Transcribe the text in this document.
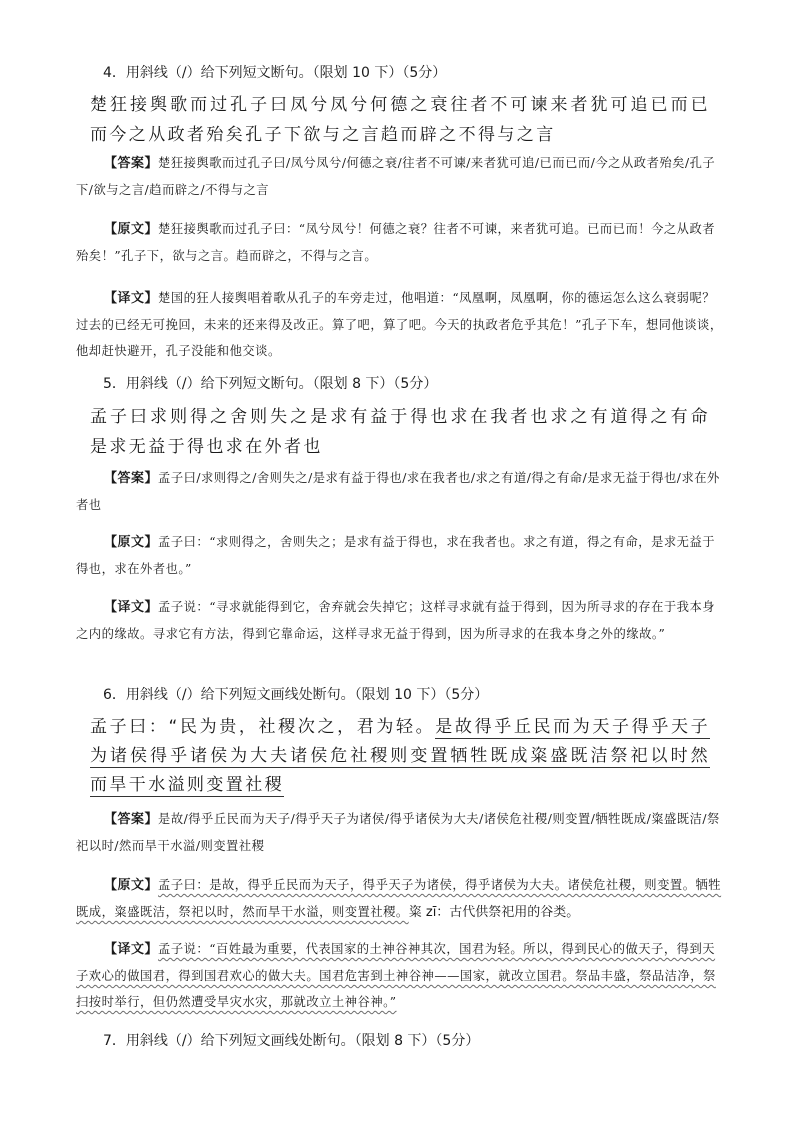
4．用斜线（/）给下列短文断句。（限划 10 下）（5分）
楚狂接舆歌而过孔子曰凤兮凤兮何德之衰往者不可谏来者犹可追已而已而今之从政者殆矣孔子下欲与之言趋而辟之不得与之言
【答案】楚狂接舆歌而过孔子曰/凤兮凤兮/何德之衰/往者不可谏/来者犹可追/已而已而/今之从政者殆矣/孔子下/欲与之言/趋而辟之/不得与之言
【原文】楚狂接舆歌而过孔子曰：“凤兮凤兮！何德之衰？往者不可谏，来者犹可追。已而已而！今之从政者殆矣！”孔子下，欲与之言。趋而辟之，不得与之言。
【译文】楚国的狂人接舆唱着歌从孔子的车旁走过，他唱道：“凤凰啊，凤凰啊，你的德运怎么这么衰弱呢？过去的已经无可挽回，未来的还来得及改正。算了吧，算了吧。今天的执政者危乎其危！”孔子下车，想同他谈谈，他却赶快避开，孔子没能和他交谈。
5．用斜线（/）给下列短文断句。（限划 8 下）（5分）
孟子曰求则得之舍则失之是求有益于得也求在我者也求之有道得之有命是求无益于得也求在外者也
【答案】孟子曰/求则得之/舍则失之/是求有益于得也/求在我者也/求之有道/得之有命/是求无益于得也/求在外者也
【原文】孟子曰：“求则得之，舍则失之；是求有益于得也，求在我者也。求之有道，得之有命，是求无益于得也，求在外者也。”
【译文】孟子说：“寻求就能得到它，舍弃就会失掉它；这样寻求就有益于得到，因为所寻求的存在于我本身之内的缘故。寻求它有方法，得到它靠命运，这样寻求无益于得到，因为所寻求的在我本身之外的缘故。”
6．用斜线（/）给下列短文画线处断句。（限划 10 下）（5分）
孟子曰：“民为贵，社稷次之，君为轻。是故得乎丘民而为天子得乎天子为诸侯得乎诸侯为大夫诸侯危社稷则变置牺牲既成粢盛既洁祭祀以时然而旱干水溢则变置社稷
【答案】是故/得乎丘民而为天子/得乎天子为诸侯/得乎诸侯为大夫/诸侯危社稷/则变置/牺牲既成/粢盛既洁/祭祀以时/然而旱干水溢/则变置社稷
【原文】孟子曰：是故，得乎丘民而为天子，得乎天子为诸侯，得乎诸侯为大夫。诸侯危社稷，则变置。牺牲既成，粢盛既洁，祭祀以时，然而旱干水溢，则变置社稷。粢 zī：古代供祭祀用的谷类。
【译文】孟子说：“百姓最为重要，代表国家的土神谷神其次，国君为轻。所以，得到民心的做天子，得到天子欢心的做国君，得到国君欢心的做大夫。国君危害到土神谷神——国家，就改立国君。祭品丰盛，祭品洁净，祭扫按时举行，但仍然遭受旱灾水灾，那就改立土神谷神。”
7．用斜线（/）给下列短文画线处断句。（限划 8 下）（5分）
